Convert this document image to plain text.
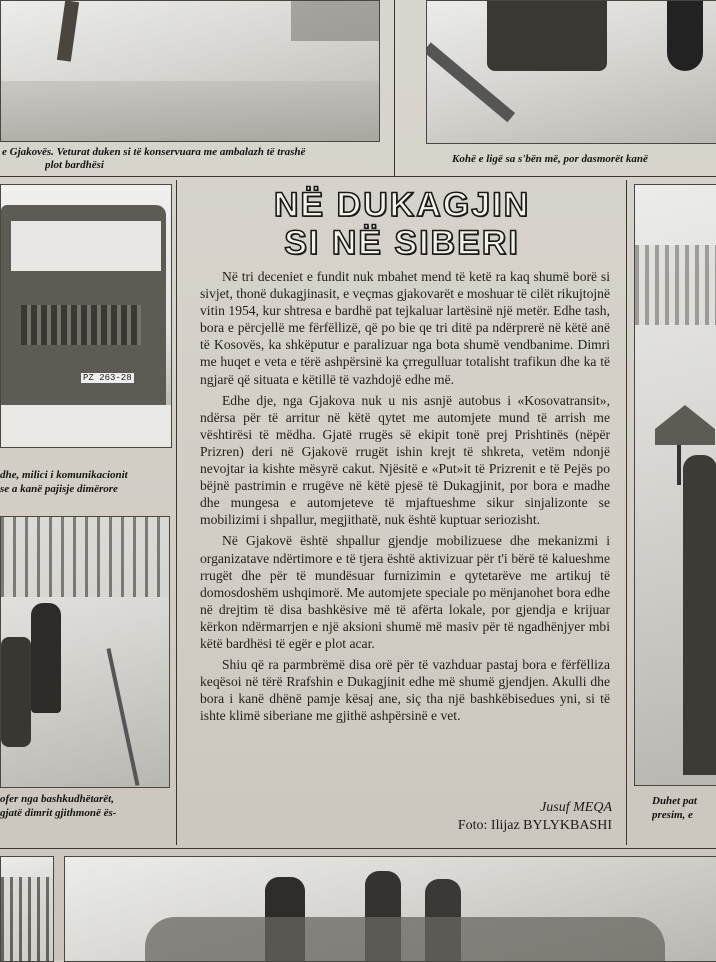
e Gjakovës. Veturat duken si të konservuara me ambalazh të trashë
plot bardhësi	Kohë e ligë sa s'bën më, por dasmorët kanë
PZ 263-28
dhe, milici i komunikacionit
se a kanë pajisje dimërore
ofer nga bashkudhëtarët,
gjatë dimrit gjithmonë ës-
Duhet pat
presim, e
NË DUKAGJIN
SI NË SIBERI

Në tri deceniet e fundit nuk mbahet mend të ketë ra kaq shumë borë si sivjet, thonë dukagjinasit, e veçmas gjakovarët e moshuar të cilët rikujtojnë vitin 1954, kur shtresa e bardhë pat tejkaluar lartësinë një metër. Edhe tash, bora e përcjellë me fërfëllizë, që po bie qe tri ditë pa ndërprerë në këtë anë të Kosovës, ka shkëputur e paralizuar nga bota shumë vendbanime. Dimri me huqet e veta e tërë ashpërsinë ka çrregulluar totalisht trafikun dhe ka të ngjarë që situata e këtillë të vazhdojë edhe më.

Edhe dje, nga Gjakova nuk u nis asnjë autobus i «Kosovatransit», ndërsa për të arritur në këtë qytet me automjete mund të arrish me vështirësi të mëdha. Gjatë rrugës së ekipit tonë prej Prishtinës (nëpër Prizren) deri në Gjakovë rrugët ishin krejt të shkreta, vetëm ndonjë nevojtar ia kishte mësyrë cakut. Njësitë e «Put»it të Prizrenit e të Pejës po bëjnë pastrimin e rrugëve në këtë pjesë të Dukagjinit, por bora e madhe dhe mungesa e automjeteve të mjaftueshme sikur sinjalizonte se mobilizimi i shpallur, megjithatë, nuk është kuptuar seriozisht.

Në Gjakovë është shpallur gjendje mobilizuese dhe mekanizmi i organizatave ndërtimore e të tjera është aktivizuar për t'i bërë të kalueshme rrugët dhe për të mundësuar furnizimin e qytetarëve me artikuj të domosdoshëm ushqimorë. Me automjete speciale po mënjanohet bora edhe në drejtim të disa bashkësive më të afërta lokale, por gjendja e krijuar kërkon ndërmarrjen e një aksioni shumë më masiv për të ngadhënjyer mbi këtë bardhësi të egër e plot acar.

Shiu që ra parmbrëmë disa orë për të vazhduar pastaj bora e fërfëlliza keqësoi në tërë Rrafshin e Dukagjinit edhe më shumë gjendjen. Akulli dhe bora i kanë dhënë pamje kësaj ane, siç tha një bashkëbisedues yni, si të ishte klimë siberiane me gjithë ashpërsinë e vet.

Jusuf MEQA
Foto: Ilijaz BYLYKBASHI
